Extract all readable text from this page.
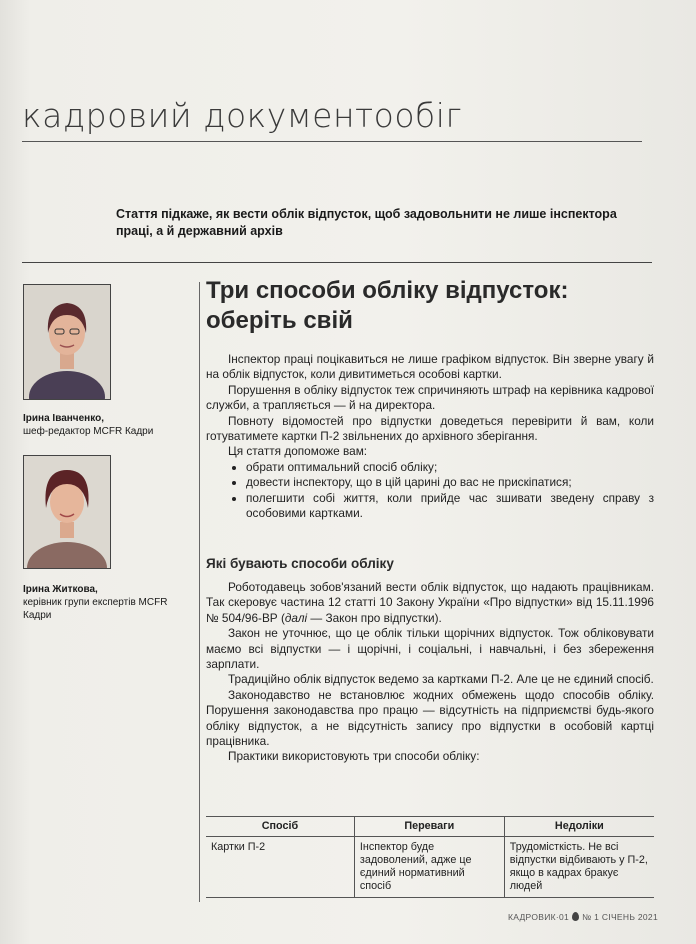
кадровий документообіг
Стаття підкаже, як вести облік відпусток, щоб задовольнити не лише інспектора праці, а й державний архів
Ірина Іванченко,
шеф-редактор MCFR Кадри
Ірина Житкова,
керівник групи експертів MCFR Кадри
Три способи обліку відпусток: оберіть свій

Інспектор праці поцікавиться не лише графіком відпусток. Він зверне увагу й на облік відпусток, коли дивитиметься особові картки.

Порушення в обліку відпусток теж спричиняють штраф на керівника кадрової служби, а трапляється — й на директора.

Повноту відомостей про відпустки доведеться перевірити й вам, коли готуватимете картки П-2 звільнених до архівного зберігання.

Ця стаття допоможе вам:

• обрати оптимальний спосіб обліку;
• довести інспектору, що в цій царині до вас не прискіпатися;
• полегшити собі життя, коли прийде час зшивати зведену справу з особовими картками.
Які бувають способи обліку

Роботодавець зобов'язаний вести облік відпусток, що надають працівникам. Так скеровує частина 12 статті 10 Закону України «Про відпустки» від 15.11.1996 № 504/96-ВР (далі — Закон про відпустки).

Закон не уточнює, що це облік тільки щорічних відпусток. Тож обліковувати маємо всі відпустки — і щорічні, і соціальні, і навчальні, і без збереження зарплати.

Традиційно облік відпусток ведемо за картками П-2. Але це не єдиний спосіб.

Законодавство не встановлює жодних обмежень щодо способів обліку. Порушення законодавства про працю — відсутність на підприємстві будь-якого обліку відпусток, а не відсутність запису про відпустки в особовій картці працівника.

Практики використовують три способи обліку:

Спосіб	Переваги	Недоліки
Картки П-2	Інспектор буде задоволений, адже це єдиний нормативний спосіб	Трудомісткість. Не всі відпустки відбивають у П-2, якщо в кадрах бракує людей
КАДРОВИК·01 № 1 СІЧЕНЬ 2021
